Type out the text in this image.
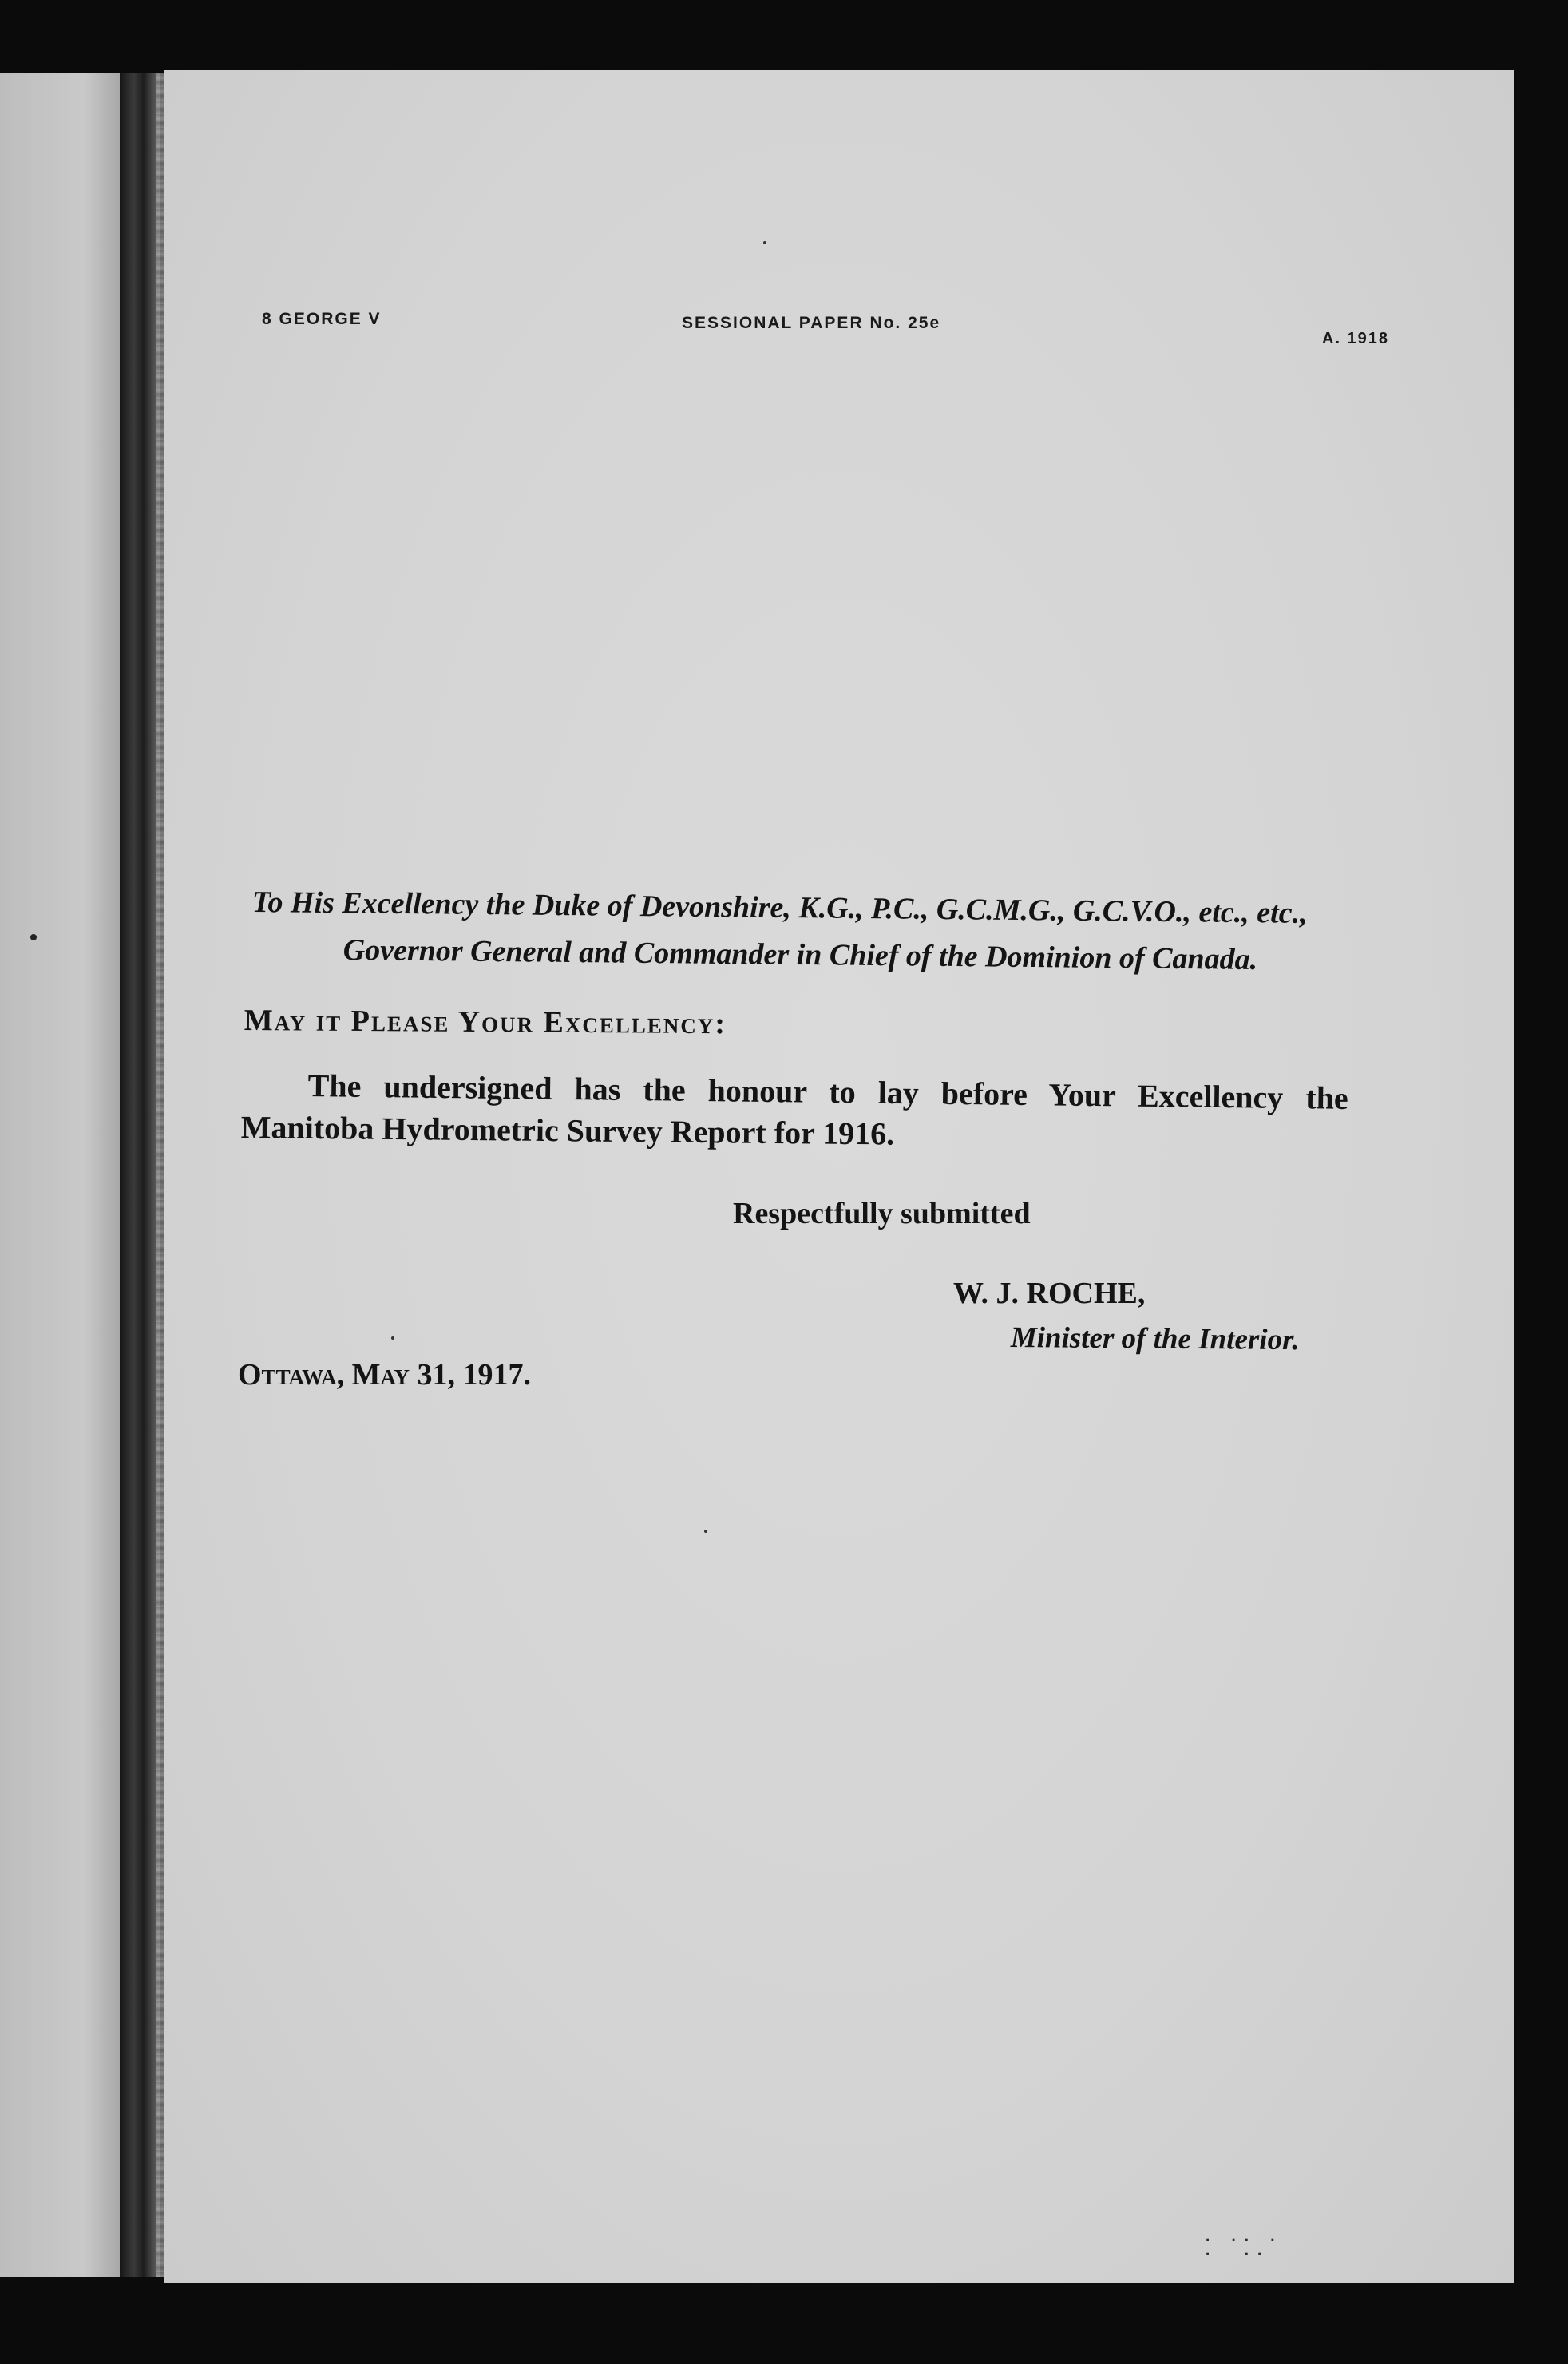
8 GEORGE V	SESSIONAL PAPER No. 25e
A. 1918
To His Excellency the Duke of Devonshire, K.G., P.C., G.C.M.G., G.C.V.O., etc., etc.,
Governor General and Commander in Chief of the Dominion of Canada.
May it Please Your Excellency:
The undersigned has the honour to lay before Your Excellency the
Manitoba Hydrometric Survey Report for 1916.
Respectfully submitted
W. J. ROCHE,
Minister of the Interior.
Ottawa, May 31, 1917.
· ·· ·
·  ··
